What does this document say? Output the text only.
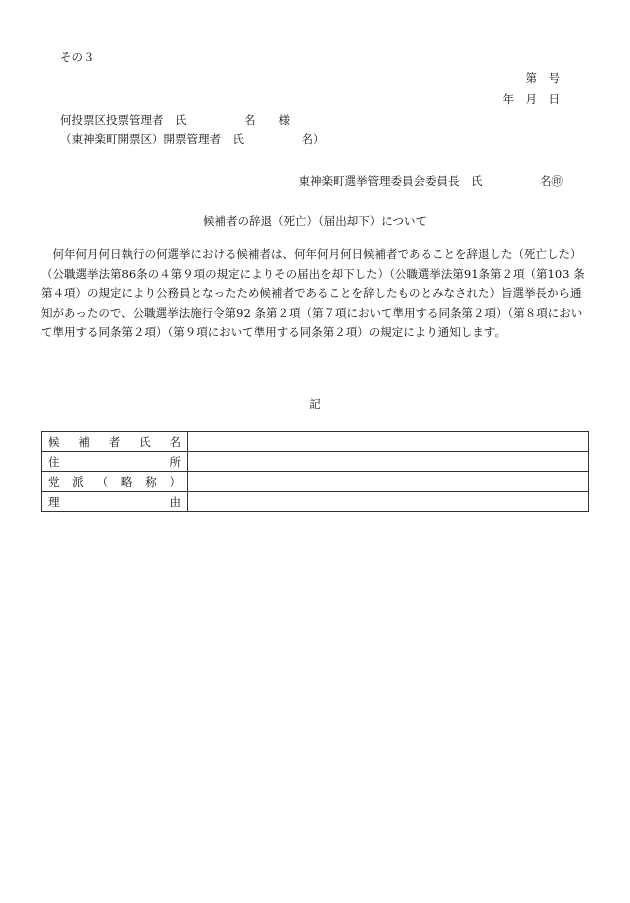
その３
第　号
年　月　日
何投票区投票管理者　氏　　　　　名　　様
（東神楽町開票区）開票管理者　氏　　　　　名）
東神楽町選挙管理委員会委員長　氏　　　　　名㊞
候補者の辞退（死亡）（届出却下）について
何年何月何日執行の何選挙における候補者は、何年何月何日候補者であることを辞退した（死亡した）（公職選挙法第86条の４第９項の規定によりその届出を却下した）（公職選挙法第91条第２項（第103 条第４項）の規定により公務員となったため候補者であることを辞したものとみなされた）旨選挙長から通知があったので、公職選挙法施行令第92 条第２項（第７項において準用する同条第２項）（第８項において準用する同条第２項）（第９項において準用する同条第２項）の規定により通知します。
記
候補者氏名	
住所	
党派（略称）	
理由	
